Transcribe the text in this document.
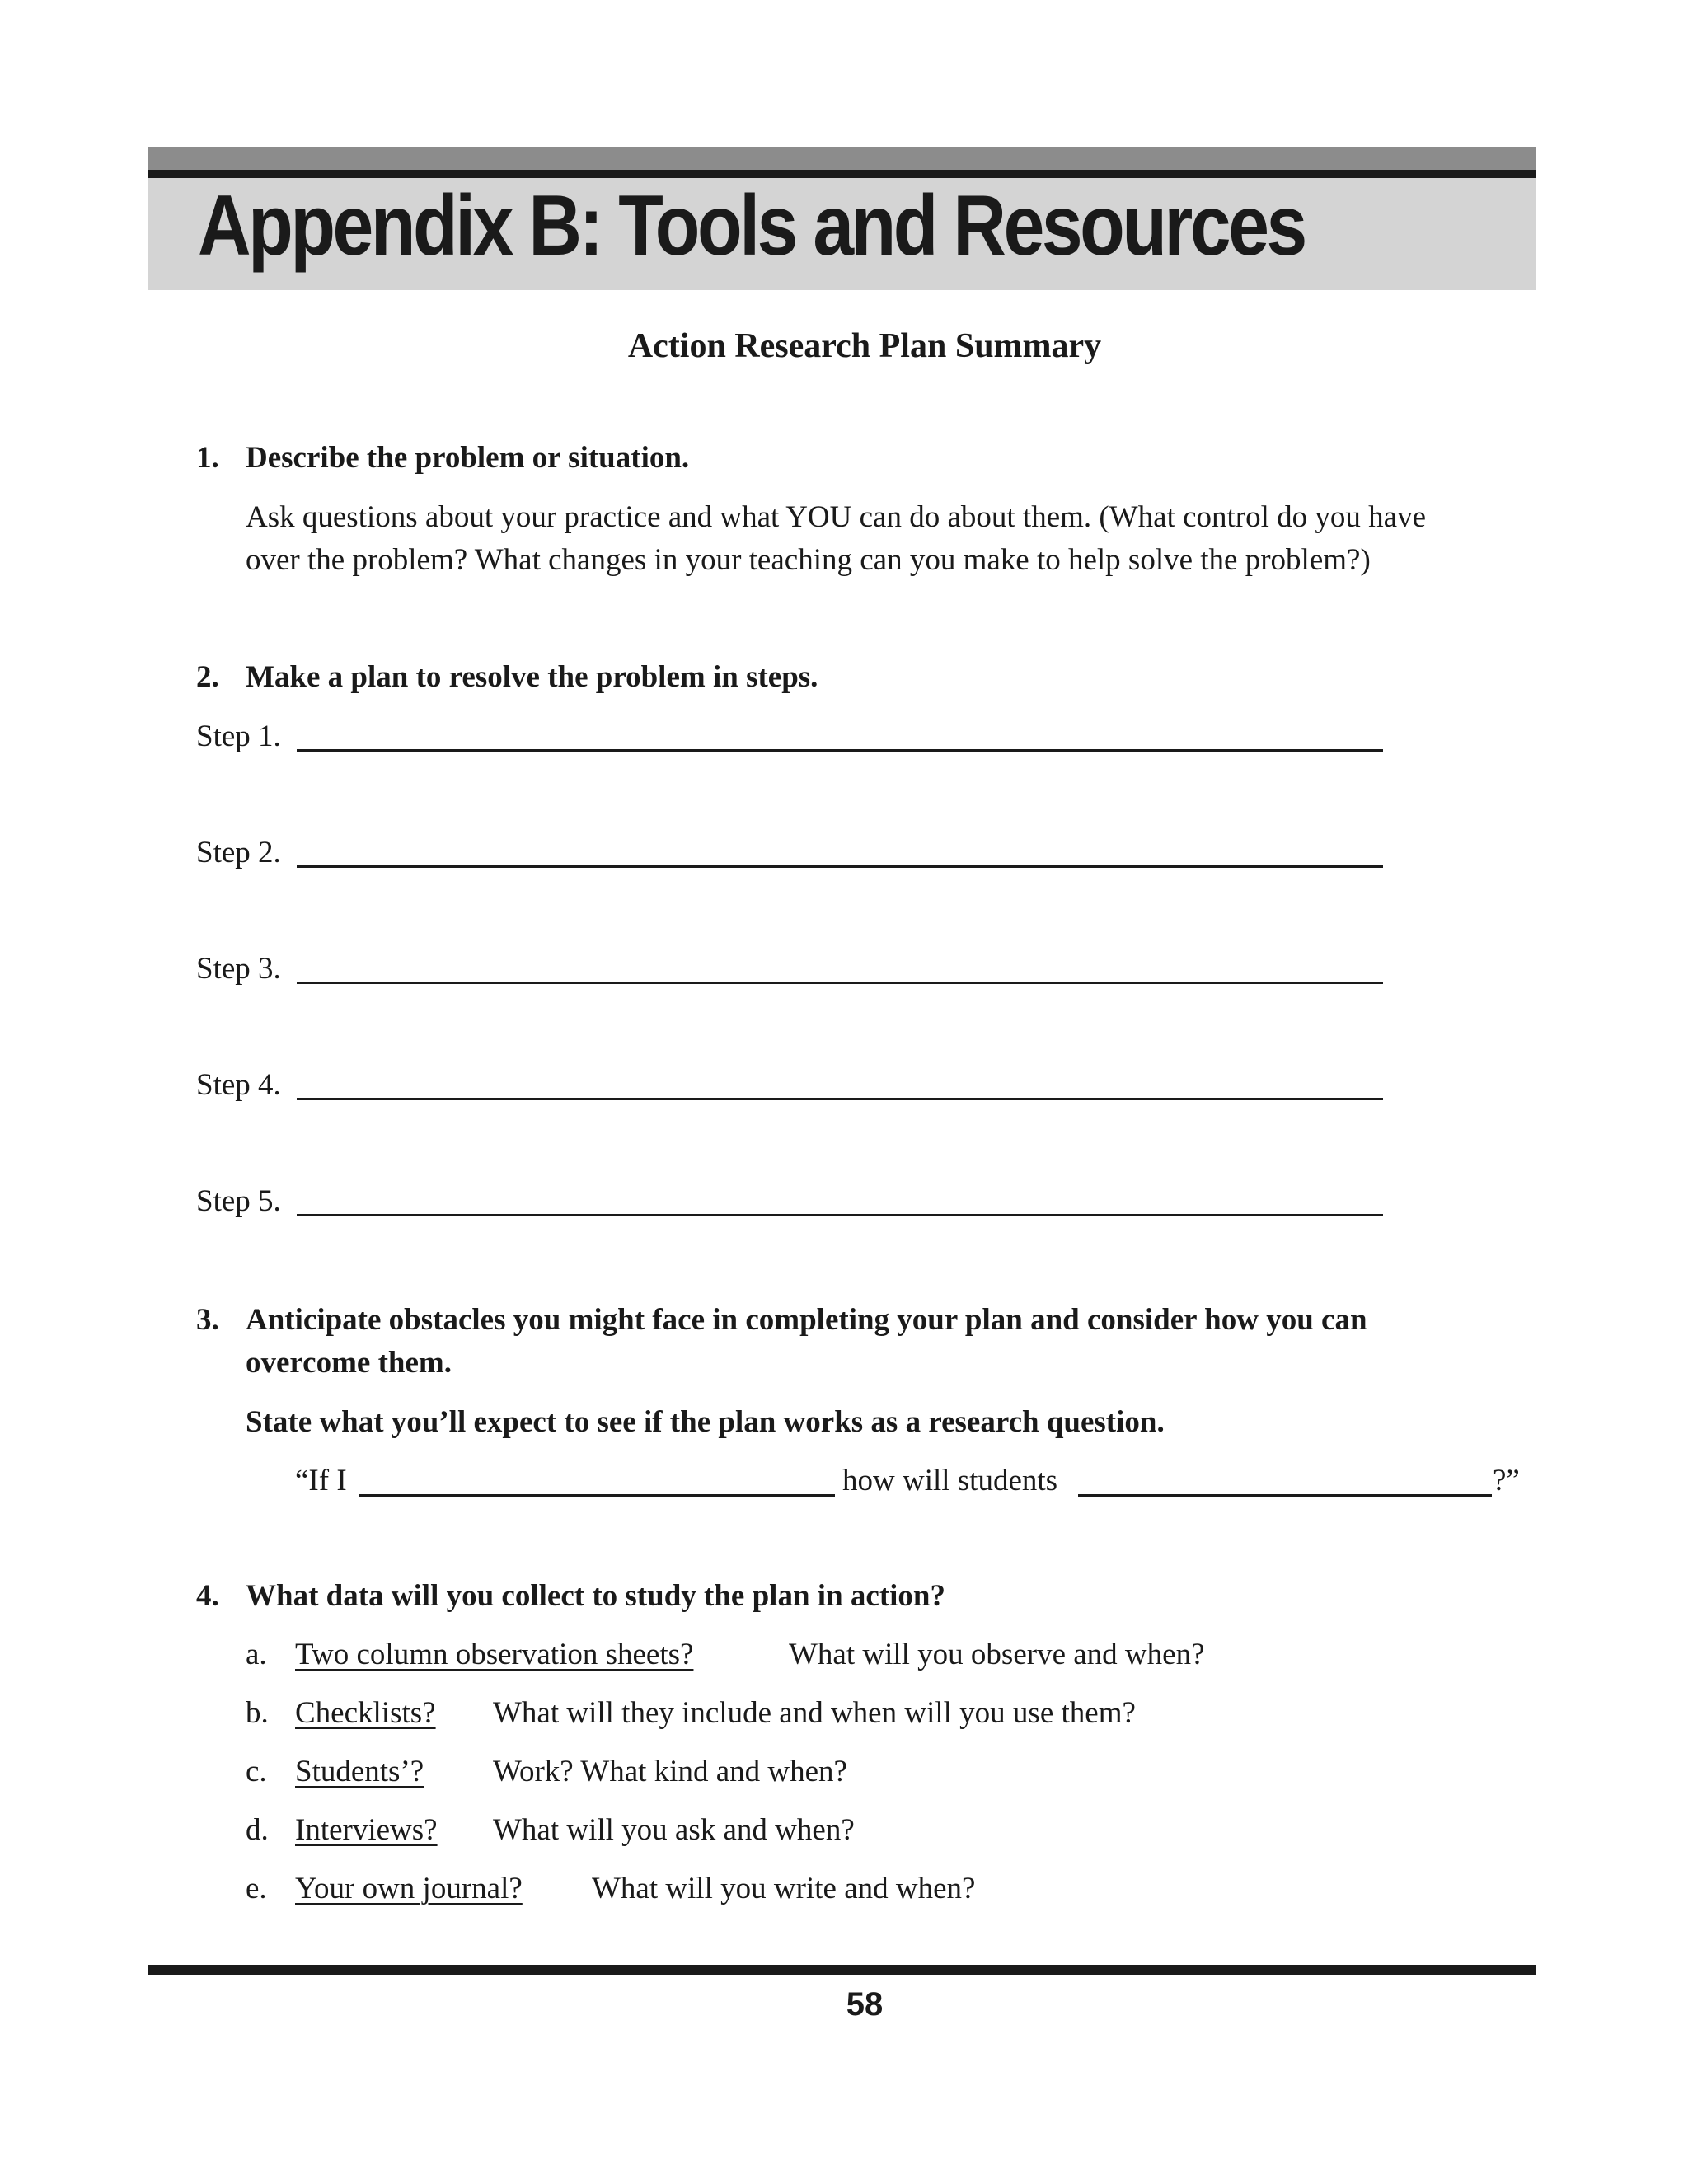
Appendix B: Tools and Resources
Action Research Plan Summary
1. Describe the problem or situation.
Ask questions about your practice and what YOU can do about them. (What control do you have
over the problem? What changes in your teaching can you make to help solve the problem?)
2. Make a plan to resolve the problem in steps.
Step 1.
Step 2.
Step 3.
Step 4.
Step 5.
3. Anticipate obstacles you might face in completing your plan and consider how you can
overcome them.
State what you’ll expect to see if the plan works as a research question.
“If I	how will students	?”
4. What data will you collect to study the plan in action?
a. Two column observation sheets?	What will you observe and when?
b. Checklists? What will they include and when will you use them?
c. Students’? Work? What kind and when?
d. Interviews? What will you ask and when?
e. Your own journal? What will you write and when?
58
